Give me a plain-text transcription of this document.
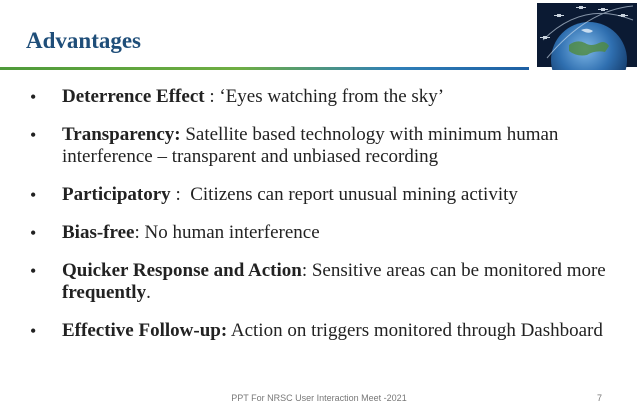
Advantages
• Deterrence Effect : ‘Eyes watching from the sky’
• Transparency: Satellite based technology with minimum human interference – transparent and unbiased recording
• Participatory :  Citizens can report unusual mining activity
• Bias-free: No human interference
• Quicker Response and Action: Sensitive areas can be monitored more frequently.
• Effective Follow-up: Action on triggers monitored through Dashboard
PPT For NRSC User Interaction Meet -2021	7
